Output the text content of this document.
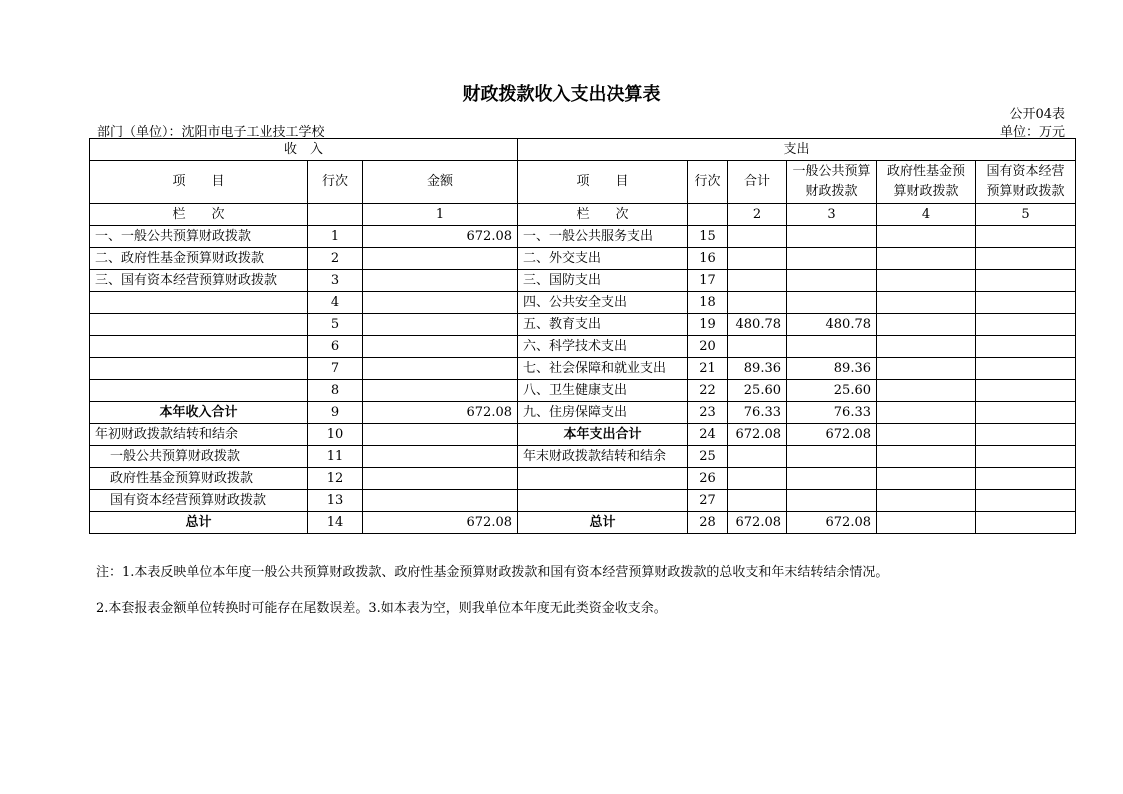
财政拨款收入支出决算表
公开04表
部门（单位）：沈阳市电子工业技工学校	单位：万元
收　入			支出					
项　　目	行次	金额	项　　目	行次	合计	一般公共预算财政拨款	政府性基金预算财政拨款	国有资本经营预算财政拨款
栏　　次		1	栏　　次		2	3	4	5
一、一般公共预算财政拨款	1	672.08	一、一般公共服务支出	15				
二、政府性基金预算财政拨款	2		二、外交支出	16				
三、国有资本经营预算财政拨款	3		三、国防支出	17				
	4		四、公共安全支出	18				
	5		五、教育支出	19	480.78	480.78		
	6		六、科学技术支出	20				
	7		七、社会保障和就业支出	21	89.36	89.36		
	8		八、卫生健康支出	22	25.60	25.60		
本年收入合计	9	672.08	九、住房保障支出	23	76.33	76.33		
年初财政拨款结转和结余	10		本年支出合计	24	672.08	672.08		
一般公共预算财政拨款	11		年末财政拨款结转和结余	25				
政府性基金预算财政拨款	12			26				
国有资本经营预算财政拨款	13			27				
总计	14	672.08	总计	28	672.08	672.08		
注：1.本表反映单位本年度一般公共预算财政拨款、政府性基金预算财政拨款和国有资本经营预算财政拨款的总收支和年末结转结余情况。
2.本套报表金额单位转换时可能存在尾数误差。3.如本表为空，则我单位本年度无此类资金收支余。
